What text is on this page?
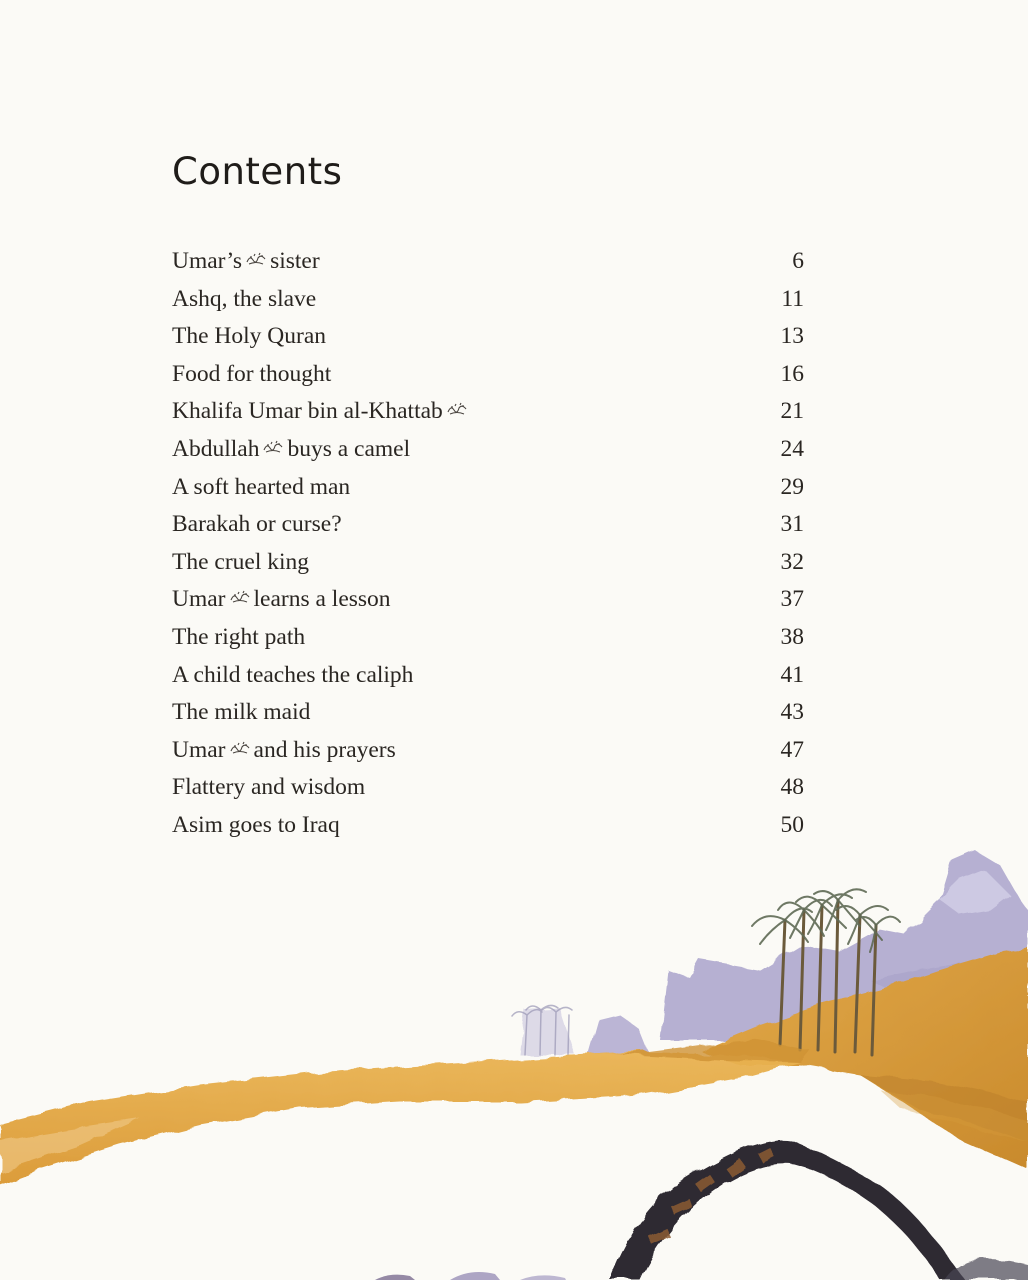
Contents
Umar’s sister	6
Ashq, the slave	11
The Holy Quran	13
Food for thought	16
Khalifa Umar bin al-Khattab	21
Abdullah buys a camel	24
A soft hearted man	29
Barakah or curse?	31
The cruel king	32
Umar learns a lesson	37
The right path	38
A child teaches the caliph	41
The milk maid	43
Umar and his prayers	47
Flattery and wisdom	48
Asim goes to Iraq	50
